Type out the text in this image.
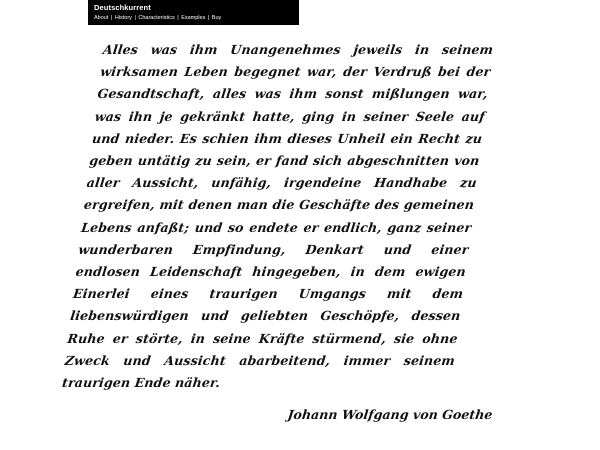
Deutschkurrent
About | History | Characteristics | Examples | Buy

Alles was ihm Unangenehmes jeweils in seinem wirksamen Leben begegnet war, der Verdruß bei der Gesandtschaft, alles was ihm sonst mißlungen war, was ihn je gekränkt hatte, ging in seiner Seele auf und nieder. Es schien ihm dieses Unheil ein Recht zu geben untätig zu sein, er fand sich abgeschnitten von aller Aussicht, unfähig, irgendeine Handhabe zu ergreifen, mit denen man die Geschäfte des gemeinen Lebens anfaßt; und so endete er endlich, ganz seiner wunderbaren Empfindung, Denkart und einer endlosen Leidenschaft hingegeben, in dem ewigen Einerlei eines traurigen Umgangs mit dem liebenswürdigen und geliebten Geschöpfe, dessen Ruhe er störte, in seine Kräfte stürmend, sie ohne Zweck und Aussicht abarbeitend, immer seinem traurigen Ende näher.

Johann Wolfgang von Goethe
